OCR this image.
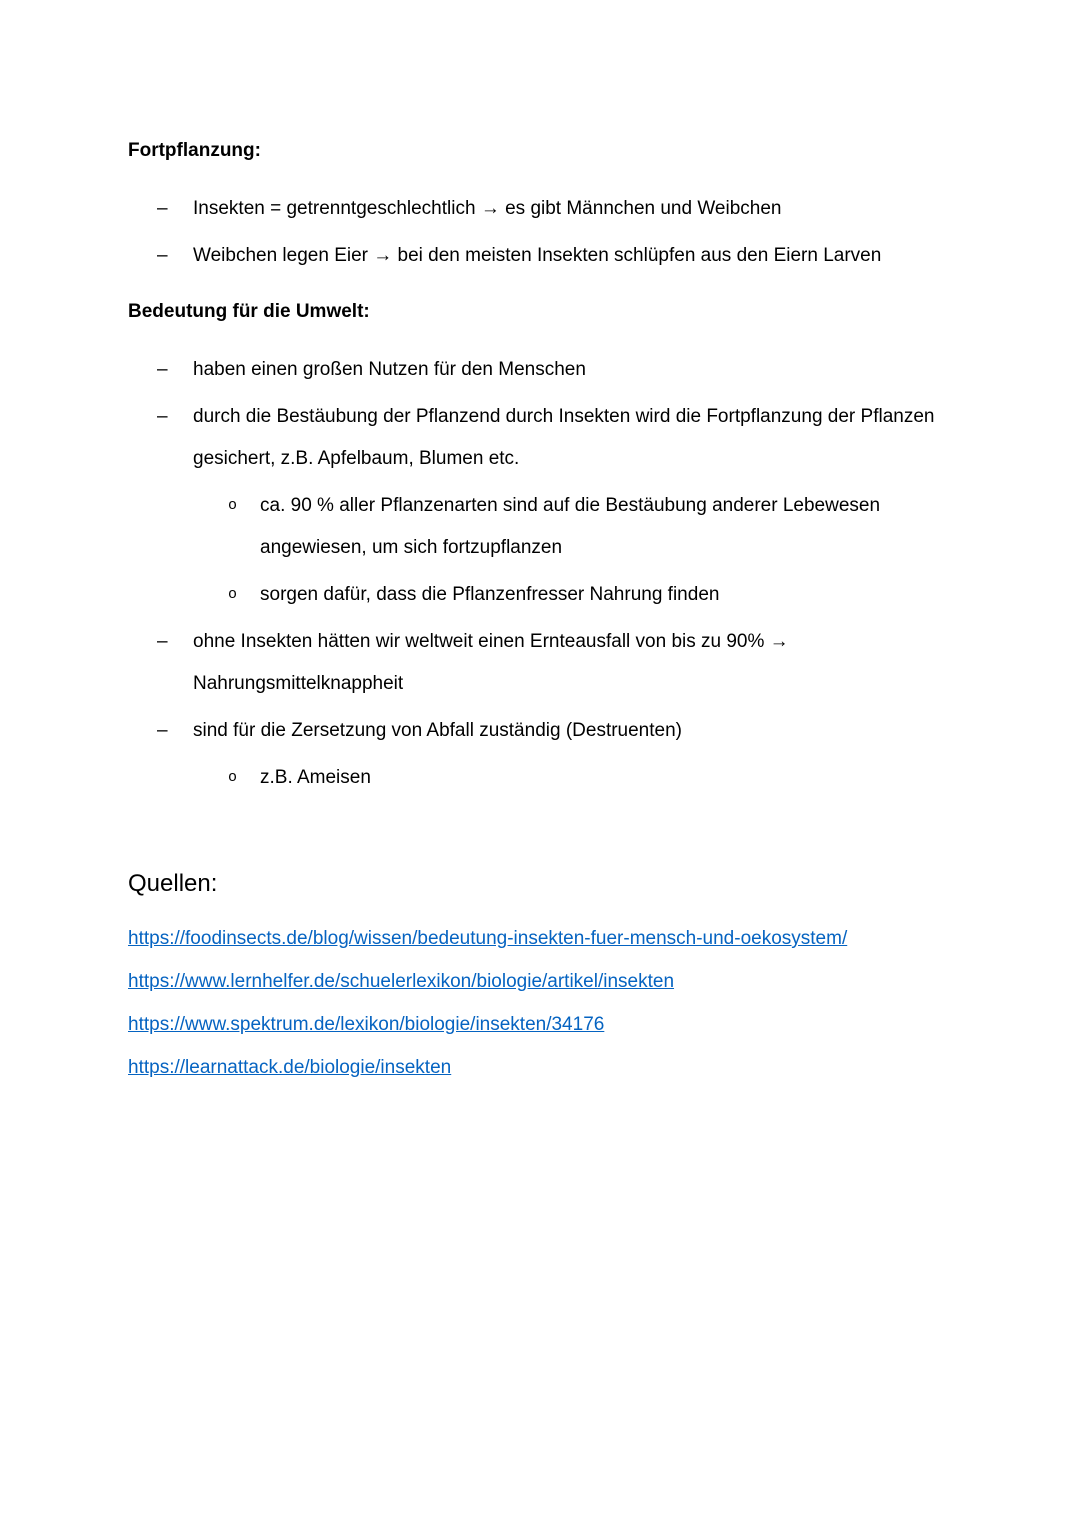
Fortpflanzung:
–	Insekten = getrenntgeschlechtlich → es gibt Männchen und Weibchen
–	Weibchen legen Eier → bei den meisten Insekten schlüpfen aus den Eiern Larven
Bedeutung für die Umwelt:
–	haben einen großen Nutzen für den Menschen
–	durch die Bestäubung der Pflanzend durch Insekten wird die Fortpflanzung der Pflanzen gesichert, z.B. Apfelbaum, Blumen etc.
o	ca. 90 % aller Pflanzenarten sind auf die Bestäubung anderer Lebewesen angewiesen, um sich fortzupflanzen
o	sorgen dafür, dass die Pflanzenfresser Nahrung finden
–	ohne Insekten hätten wir weltweit einen Ernteausfall von bis zu 90% → Nahrungsmittelknappheit
–	sind für die Zersetzung von Abfall zuständig (Destruenten)
o	z.B. Ameisen
Quellen:
https://foodinsects.de/blog/wissen/bedeutung-insekten-fuer-mensch-und-oekosystem/
https://www.lernhelfer.de/schuelerlexikon/biologie/artikel/insekten
https://www.spektrum.de/lexikon/biologie/insekten/34176
https://learnattack.de/biologie/insekten
